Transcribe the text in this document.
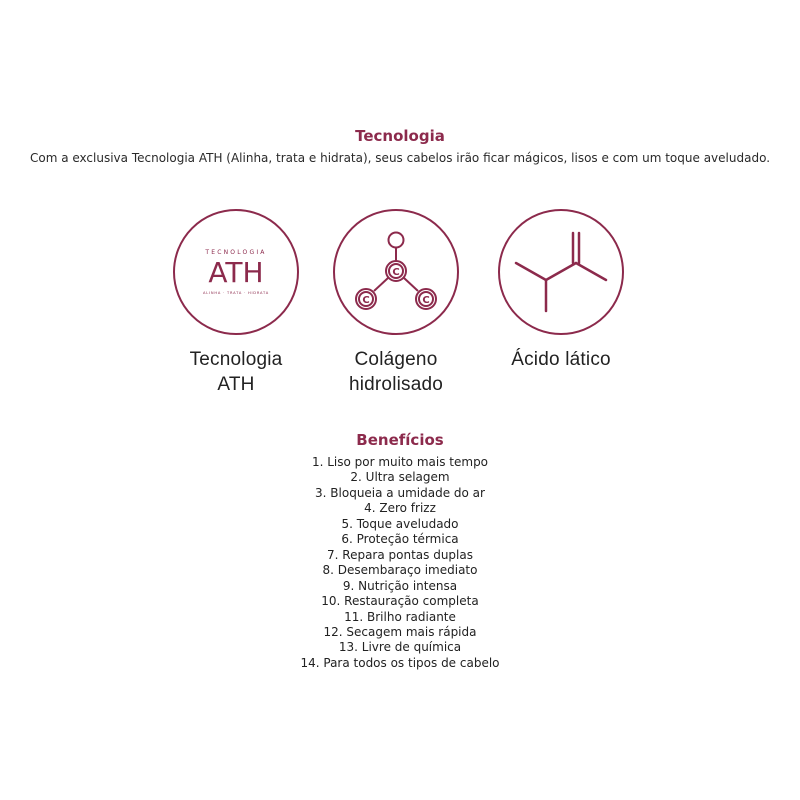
Tecnologia
Com a exclusiva Tecnologia ATH (Alinha, trata e hidrata), seus cabelos irão ficar mágicos, lisos e com um toque aveludado.
TECNOLOGIA
ATH
ALINHA · TRATA · HIDRATA
Tecnologia
ATH
C
C	C
Colágeno
hidrolisado
Ácido lático
Benefícios
1. Liso por muito mais tempo
2. Ultra selagem
3. Bloqueia a umidade do ar
4. Zero frizz
5. Toque aveludado
6. Proteção térmica
7. Repara pontas duplas
8. Desembaraço imediato
9. Nutrição intensa
10. Restauração completa
11. Brilho radiante
12. Secagem mais rápida
13. Livre de química
14. Para todos os tipos de cabelo
